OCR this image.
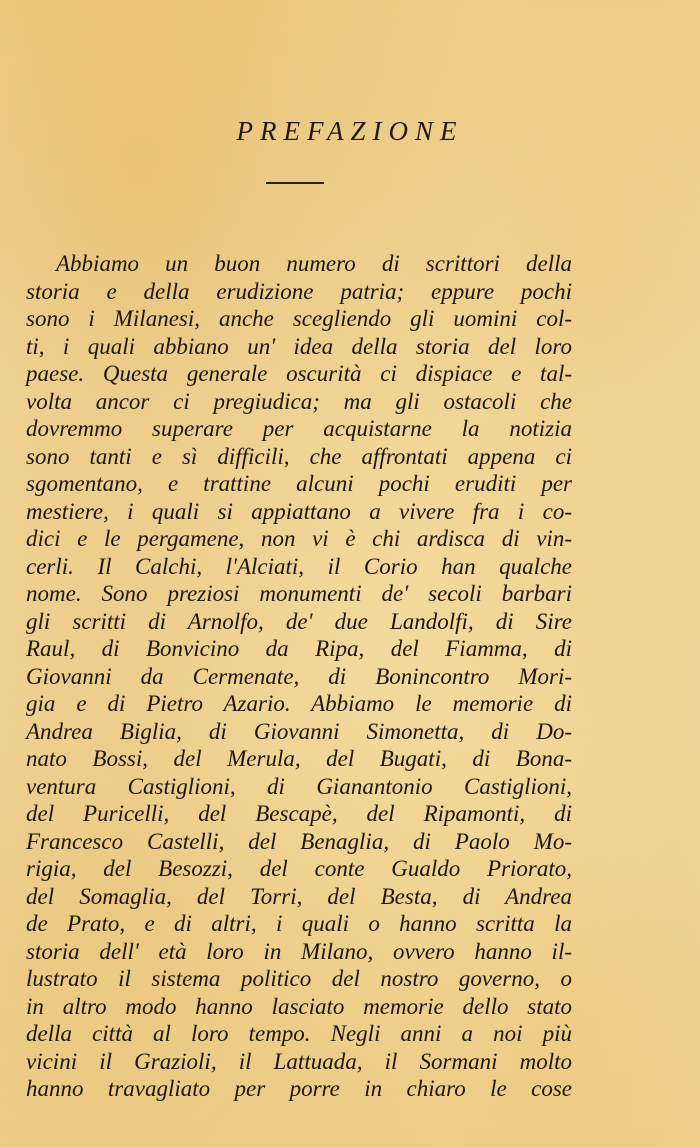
PREFAZIONE
Abbiamo un buon numero di scrittori della
storia e della erudizione patria; eppure pochi
sono i Milanesi, anche scegliendo gli uomini col-
ti, i quali abbiano un' idea della storia del loro
paese. Questa generale oscurità ci dispiace e tal-
volta ancor ci pregiudica; ma gli ostacoli che
dovremmo superare per acquistarne la notizia
sono tanti e sì difficili, che affrontati appena ci
sgomentano, e trattine alcuni pochi eruditi per
mestiere, i quali si appiattano a vivere fra i co-
dici e le pergamene, non vi è chi ardisca di vin-
cerli. Il Calchi, l'Alciati, il Corio han qualche
nome. Sono preziosi monumenti de' secoli barbari
gli scritti di Arnolfo, de' due Landolfi, di Sire
Raul, di Bonvicino da Ripa, del Fiamma, di
Giovanni da Cermenate, di Bonincontro Mori-
gia e di Pietro Azario. Abbiamo le memorie di
Andrea Biglia, di Giovanni Simonetta, di Do-
nato Bossi, del Merula, del Bugati, di Bona-
ventura Castiglioni, di Gianantonio Castiglioni,
del Puricelli, del Bescapè, del Ripamonti, di
Francesco Castelli, del Benaglia, di Paolo Mo-
rigia, del Besozzi, del conte Gualdo Priorato,
del Somaglia, del Torri, del Besta, di Andrea
de Prato, e di altri, i quali o hanno scritta la
storia dell' età loro in Milano, ovvero hanno il-
lustrato il sistema politico del nostro governo, o
in altro modo hanno lasciato memorie dello stato
della città al loro tempo. Negli anni a noi più
vicini il Grazioli, il Lattuada, il Sormani molto
hanno travagliato per porre in chiaro le cose
